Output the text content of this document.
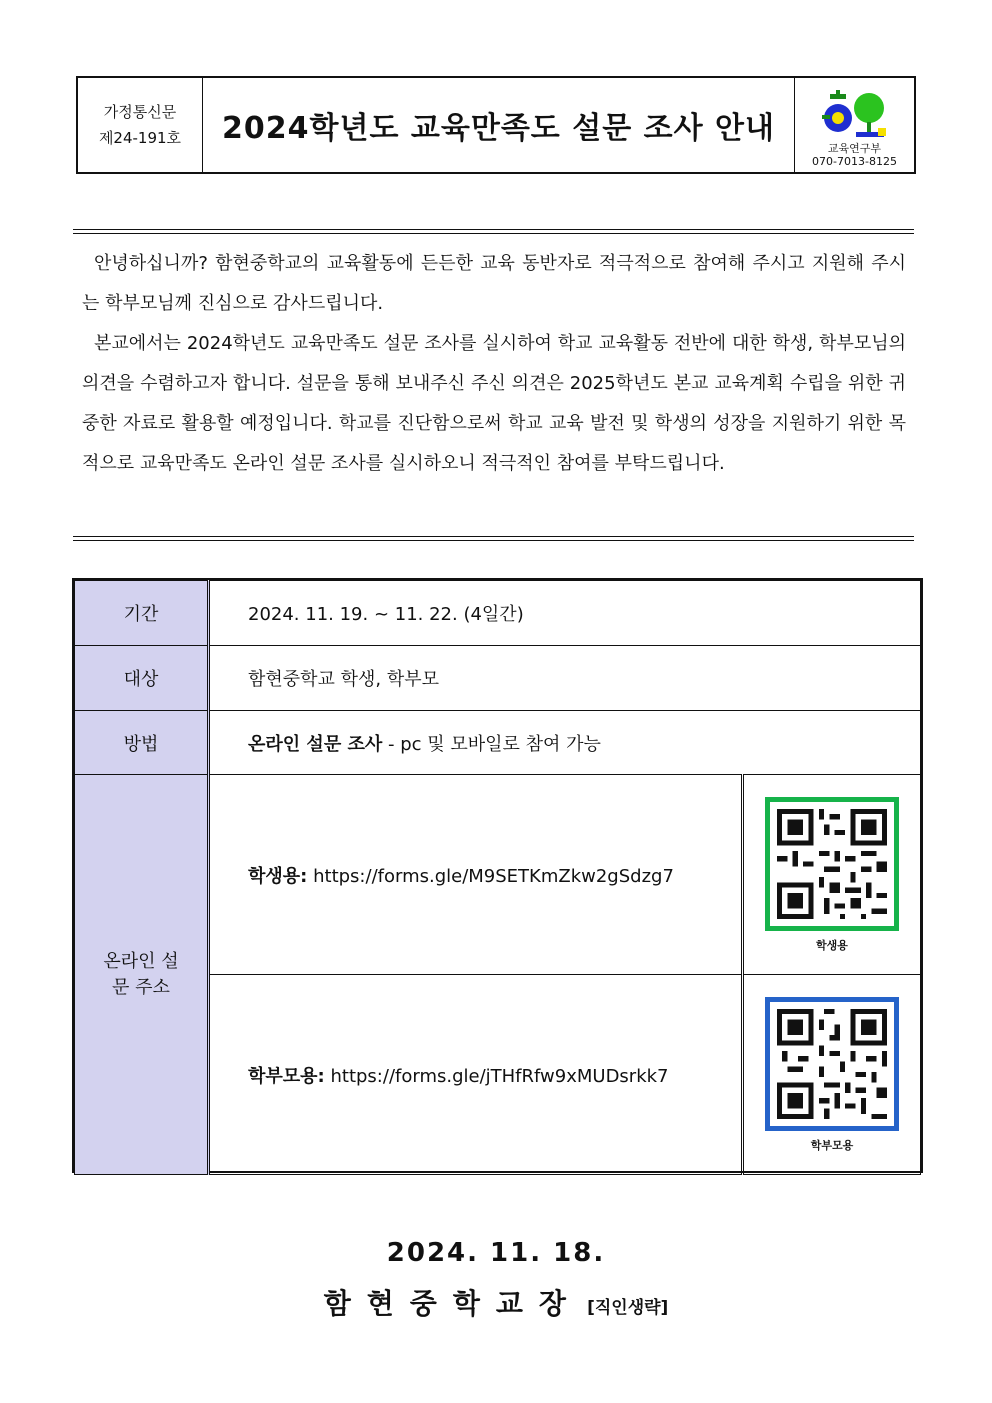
가정통신문
제24-191호	2024학년도 교육만족도 설문 조사 안내
교육연구부
070-7013-8125

안녕하십니까? 함현중학교의 교육활동에 든든한 교육 동반자로 적극적으로 참여해 주시고 지원해 주시는 학부모님께 진심으로 감사드립니다.

본교에서는 2024학년도 교육만족도 설문 조사를 실시하여 학교 교육활동 전반에 대한 학생, 학부모님의 의견을 수렴하고자 합니다. 설문을 통해 보내주신 주신 의견은 2025학년도 본교 교육계획 수립을 위한 귀중한 자료로 활용할 예정입니다. 학교를 진단함으로써 학교 교육 발전 및 학생의 성장을 지원하기 위한 목적으로 교육만족도 온라인 설문 조사를 실시하오니 적극적인 참여를 부탁드립니다.

기간	2024. 11. 19. ~ 11. 22. (4일간)	
대상	함현중학교 학생, 학부모	
방법	온라인 설문 조사 - pc 및 모바일로 참여 가능	
온라인 설문 주소	학생용: https://forms.gle/M9SETKmZkw2gSdzg7	학생용

	학부모용: https://forms.gle/jTHfRfw9xMUDsrkk7	학부모용
2024. 11. 18.
함현중학교장 [직인생략]
